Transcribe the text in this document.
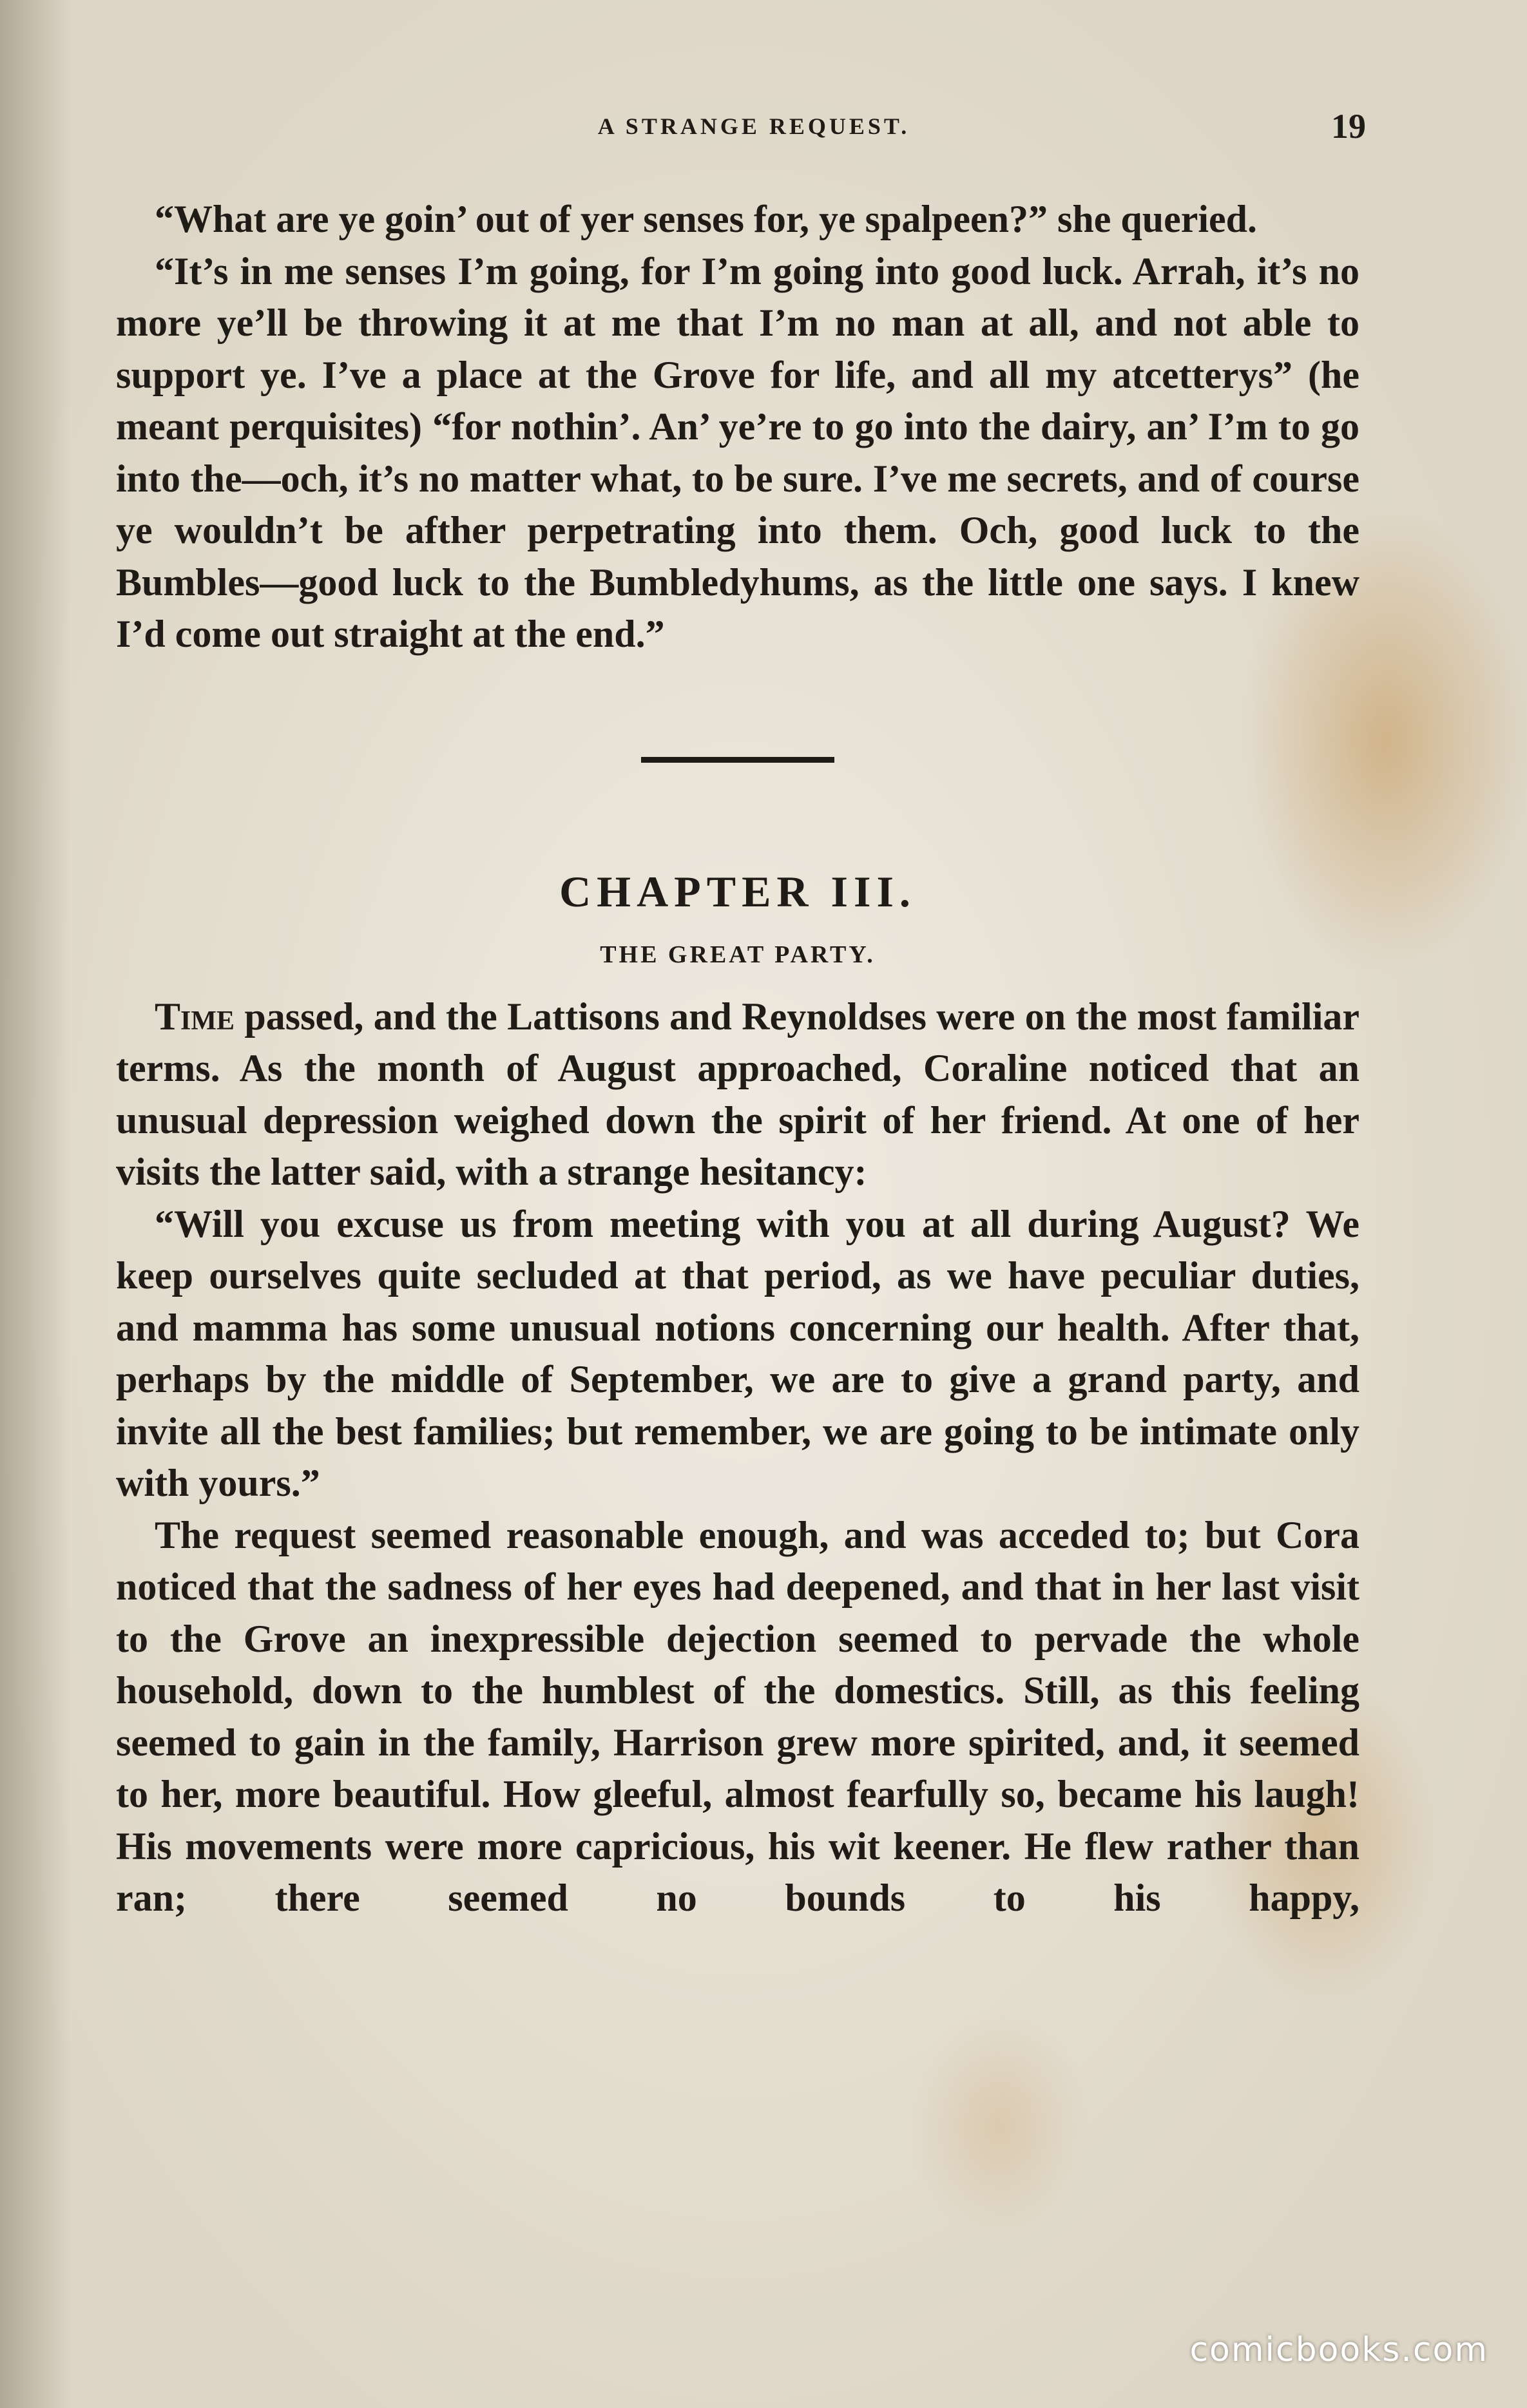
A STRANGE REQUEST.	19

“What are ye goin’ out of yer senses for, ye spalpeen?” she queried.

“It’s in me senses I’m going, for I’m going into good luck. Arrah, it’s no more ye’ll be throwing it at me that I’m no man at all, and not able to support ye. I’ve a place at the Grove for life, and all my atcetterys” (he meant perquisites) “for nothin’. An’ ye’re to go into the dairy, an’ I’m to go into the—och, it’s no matter what, to be sure. I’ve me secrets, and of course ye wouldn’t be afther perpetrating into them. Och, good luck to the Bumbles—good luck to the Bumbledyhums, as the little one says. I knew I’d come out straight at the end.”

CHAPTER III.
THE GREAT PARTY.

Time passed, and the Lattisons and Reynoldses were on the most familiar terms. As the month of August approached, Coraline noticed that an unusual depression weighed down the spirit of her friend. At one of her visits the latter said, with a strange hesitancy:

“Will you excuse us from meeting with you at all during August? We keep ourselves quite secluded at that period, as we have peculiar duties, and mamma has some unusual notions concerning our health. After that, perhaps by the middle of September, we are to give a grand party, and invite all the best families; but remember, we are going to be intimate only with yours.”

The request seemed reasonable enough, and was acceded to; but Cora noticed that the sadness of her eyes had deepened, and that in her last visit to the Grove an inexpressible dejection seemed to pervade the whole household, down to the humblest of the domestics. Still, as this feeling seemed to gain in the family, Harrison grew more spirited, and, it seemed to her, more beautiful. How gleeful, almost fearfully so, became his laugh! His movements were more capricious, his wit keener. He flew rather than ran; there seemed no bounds to his happy,

comicbooks.com
